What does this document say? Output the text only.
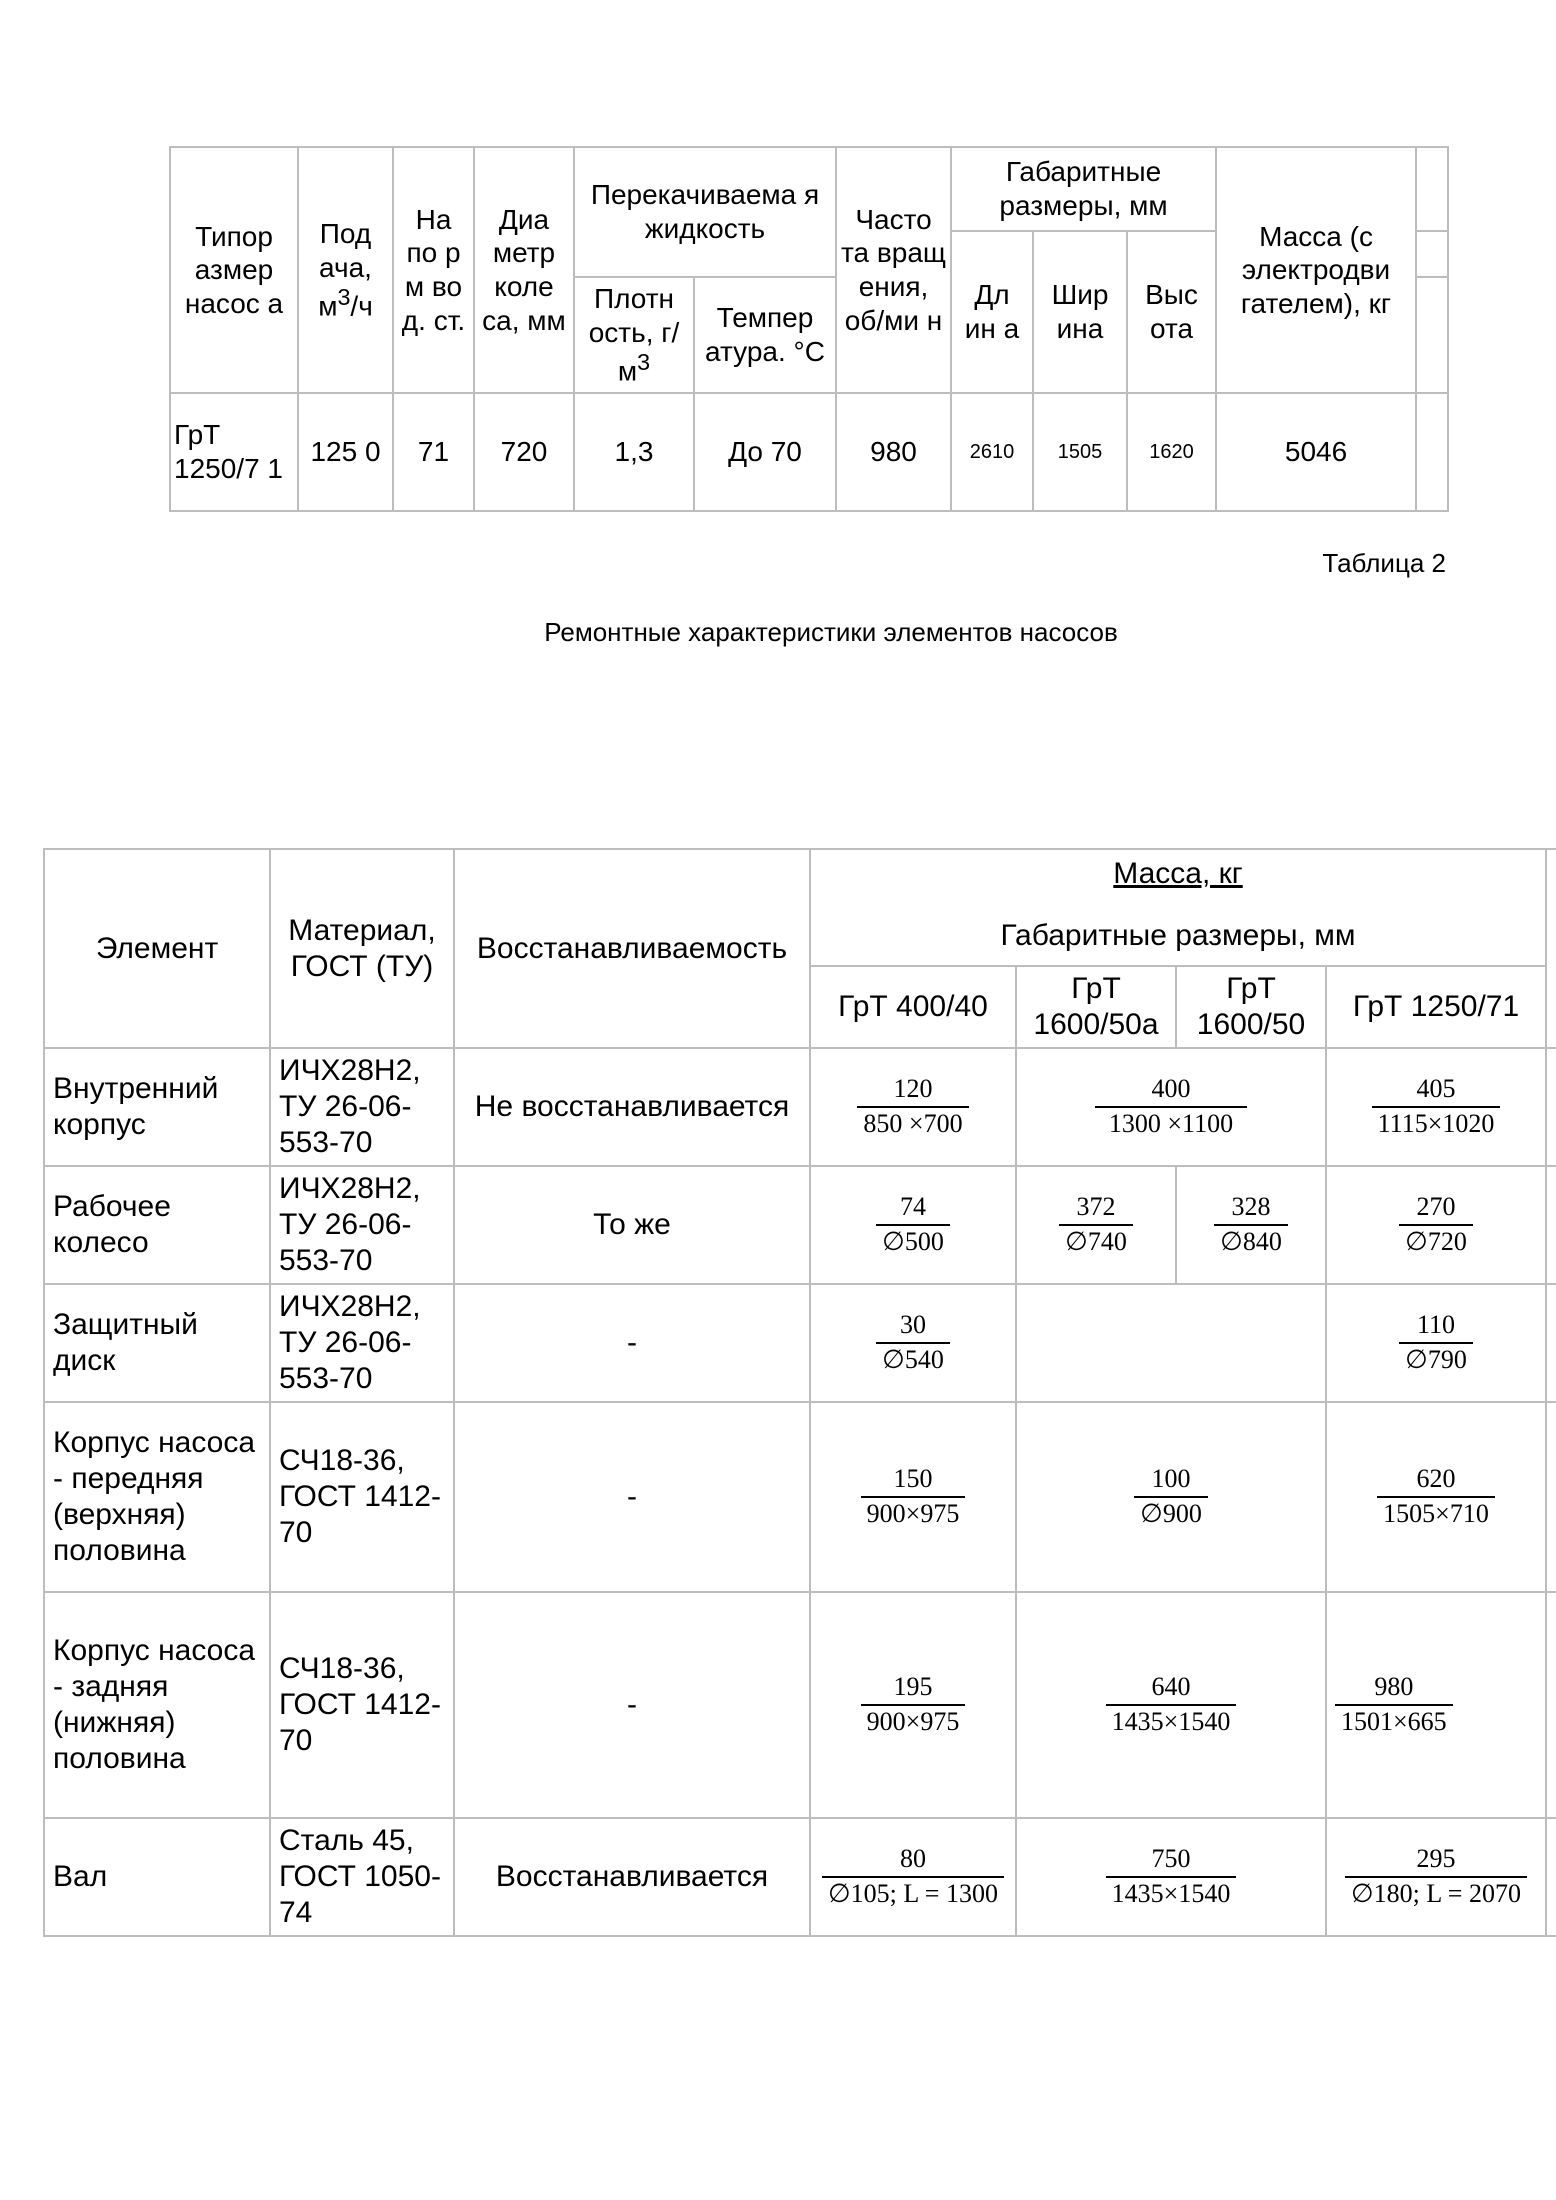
Типор азмер насос а	Под ача, $м^3/ч$	На по р м во д. ст.	Диа метр коле са, мм	Перекачиваема я жидкость		Часто та вращ ения, об/ми н	Габаритные размеры, мм			Масса (с электродви гателем), кг	
							Дл ин а	Шир ина	Выс ота		
				Плотн ость, $г/м^3$	Темпер атура. °С						
ГрТ 1250/7 1	125 0	71	720	1,3	До 70	980	2610	1505	1620	5046	
Таблица 2
Ремонтные характеристики элементов насосов
Элемент	Материал, ГОСТ (ТУ)	Восстанавливаемость	Масса, кг				
			Габаритные размеры, мм				
			ГрТ 400/40	ГрТ 1600/50а	ГрТ 1600/50	ГрТ 1250/71	
Внутренний корпус	ИЧХ28Н2, ТУ 26-06-553-70	Не восстанавливается	$\frac{120}{850 \times 700}$	$\frac{400}{1300 \times 1100}$		$\frac{405}{1115\times 1020}$

Рабочее колесо	ИЧХ28Н2, ТУ 26-06-553-70	То же	$\frac{74}{\emptyset 500}$	$\frac{372}{\emptyset 740}$	$\frac{328}{\emptyset 840}$	$\frac{270}{\emptyset 720}$

Защитный диск	ИЧХ28Н2, ТУ 26-06-553-70	-	$\frac{30}{\emptyset 540}$			$\frac{110}{\emptyset 790}$

Корпус насоса - передняя (верхняя) половина	СЧ18-36, ГОСТ 1412-70	-	$\frac{150}{900\times 975}$	$\frac{100}{\emptyset 900}$		$\frac{620}{1505\times 710}$

Корпус насоса - задняя (нижняя) половина	СЧ18-36, ГОСТ 1412-70	-	$\frac{195}{900\times 975}$	$\frac{640}{1435\times 1540}$		$\frac{980}{1501\times 665}$

Вал	Сталь 45, ГОСТ 1050-74	Восстанавливается	$\frac{80}{\emptyset 105; L = 1300}$	$\frac{750}{1435\times 1540}$		$\frac{295}{\emptyset 180; L = 2070}$
